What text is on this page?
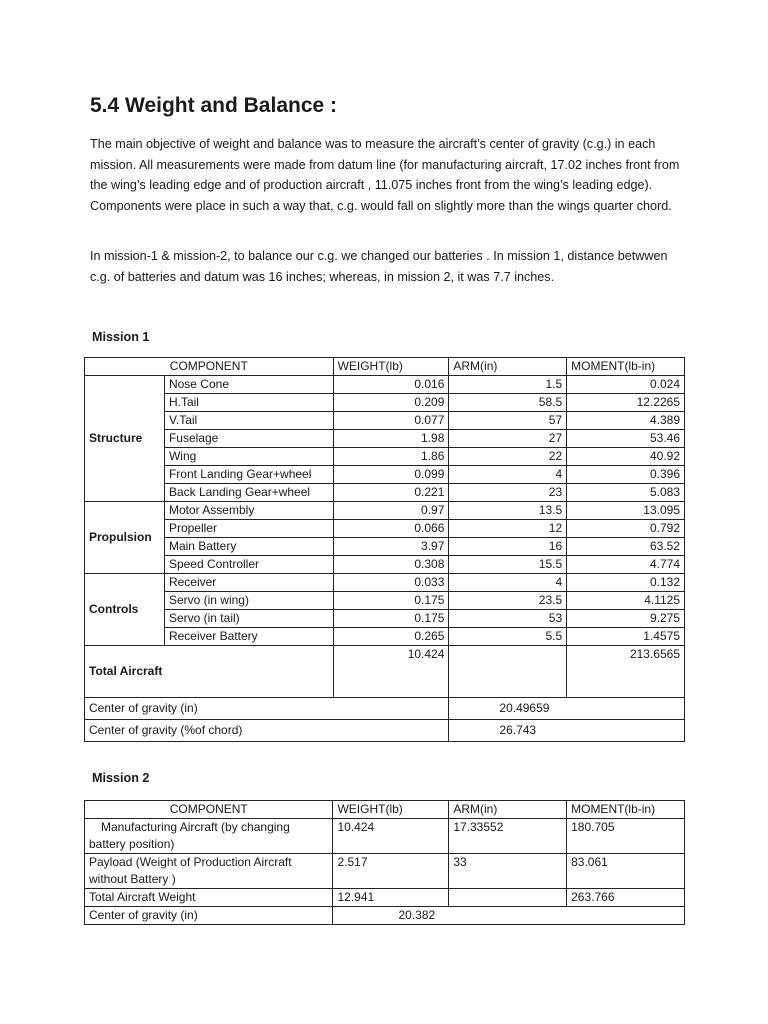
5.4 Weight and Balance :

The main objective of weight and balance was to measure the aircraft’s center of gravity (c.g.) in each mission. All measurements were made from datum line (for manufacturing aircraft, 17.02 inches front from the wing’s leading edge and of production aircraft , 11.075 inches front from the wing’s leading edge). Components were place in such a way that, c.g. would fall on slightly more than the wings quarter chord.

In mission-1 & mission-2, to balance our c.g. we changed our batteries . In mission 1, distance betwwen c.g. of batteries and datum was 16 inches; whereas, in mission 2, it was 7.7 inches.

Mission 1

COMPONENT		WEIGHT(lb)	ARM(in)	MOMENT(lb-in)
Structure	Nose Cone	0.016	1.5	0.024
	H.Tail	0.209	58.5	12.2265
	V.Tail	0.077	57	4.389
	Fuselage	1.98	27	53.46
	Wing	1.86	22	40.92
	Front Landing Gear+wheel	0.099	4	0.396
	Back Landing Gear+wheel	0.221	23	5.083
Propulsion	Motor Assembly	0.97	13.5	13.095
	Propeller	0.066	12	0.792
	Main Battery	3.97	16	63.52
	Speed Controller	0.308	15.5	4.774
Controls	Receiver	0.033	4	0.132
	Servo (in wing)	0.175	23.5	4.1125
	Servo (in tail)	0.175	53	9.275
	Receiver Battery	0.265	5.5	1.4575
Total Aircraft		10.424		213.6565
Center of gravity (in)			20.49659	
Center of gravity (%of chord)			26.743	

Mission 2

COMPONENT	WEIGHT(lb)	ARM(in)	MOMENT(lb-in)
Manufacturing Aircraft (by changing battery position)	10.424	17.33552	180.705
Payload (Weight of Production Aircraft without Battery )	2.517	33	83.061
Total Aircraft Weight	12.941		263.766
Center of gravity (in)	20.382		
